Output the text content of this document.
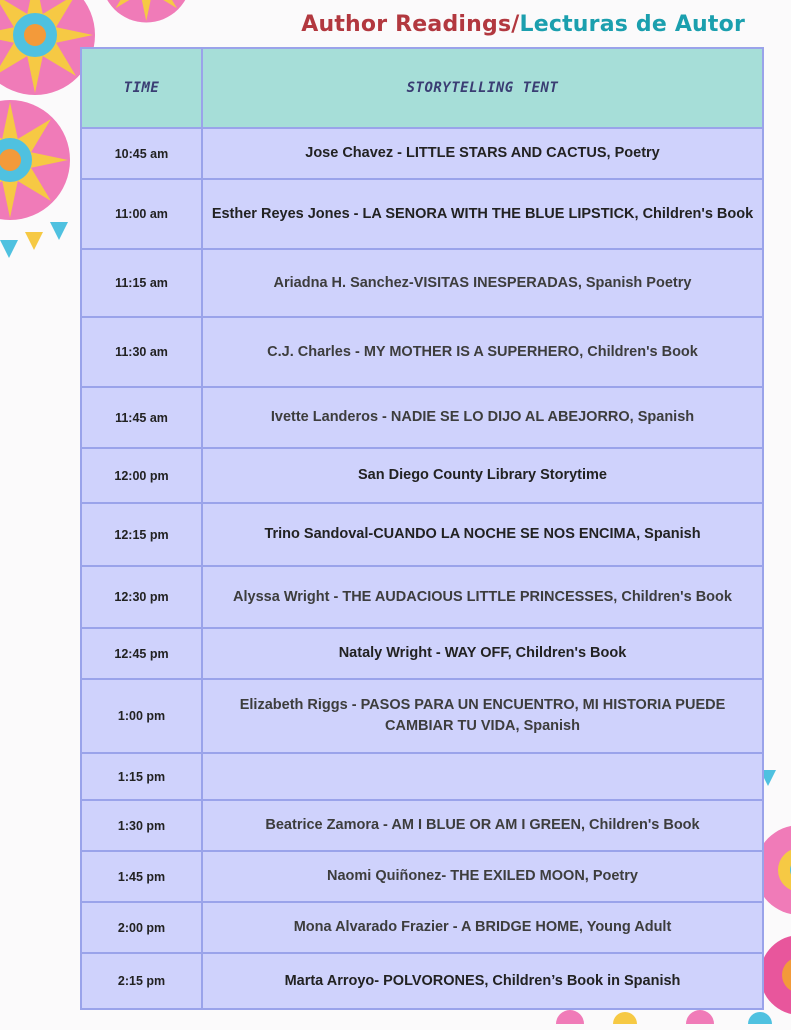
Author Readings/Lecturas de Autor
TIME	STORYTELLING TENT
10:45 am	Jose Chavez - LITTLE STARS AND CACTUS, Poetry
11:00 am	Esther Reyes Jones - LA SENORA WITH THE BLUE LIPSTICK, Children's Book
11:15 am	Ariadna H. Sanchez-VISITAS INESPERADAS, Spanish Poetry
11:30 am	C.J. Charles - MY MOTHER IS A SUPERHERO, Children's Book
11:45 am	Ivette Landeros - NADIE SE LO DIJO AL ABEJORRO, Spanish
12:00 pm	San Diego County Library Storytime
12:15 pm	Trino Sandoval-CUANDO LA NOCHE SE NOS ENCIMA, Spanish
12:30 pm	Alyssa Wright - THE AUDACIOUS LITTLE PRINCESSES, Children's Book
12:45 pm	Nataly Wright - WAY OFF, Children's Book
1:00 pm	Elizabeth Riggs - PASOS PARA UN ENCUENTRO, MI HISTORIA PUEDE CAMBIAR TU VIDA, Spanish
1:15 pm	
1:30 pm	Beatrice Zamora - AM I BLUE OR AM I GREEN, Children's Book
1:45 pm	Naomi Quiñonez- THE EXILED MOON, Poetry
2:00 pm	Mona Alvarado Frazier - A BRIDGE HOME, Young Adult
2:15 pm	Marta Arroyo- POLVORONES, Children’s Book in Spanish
